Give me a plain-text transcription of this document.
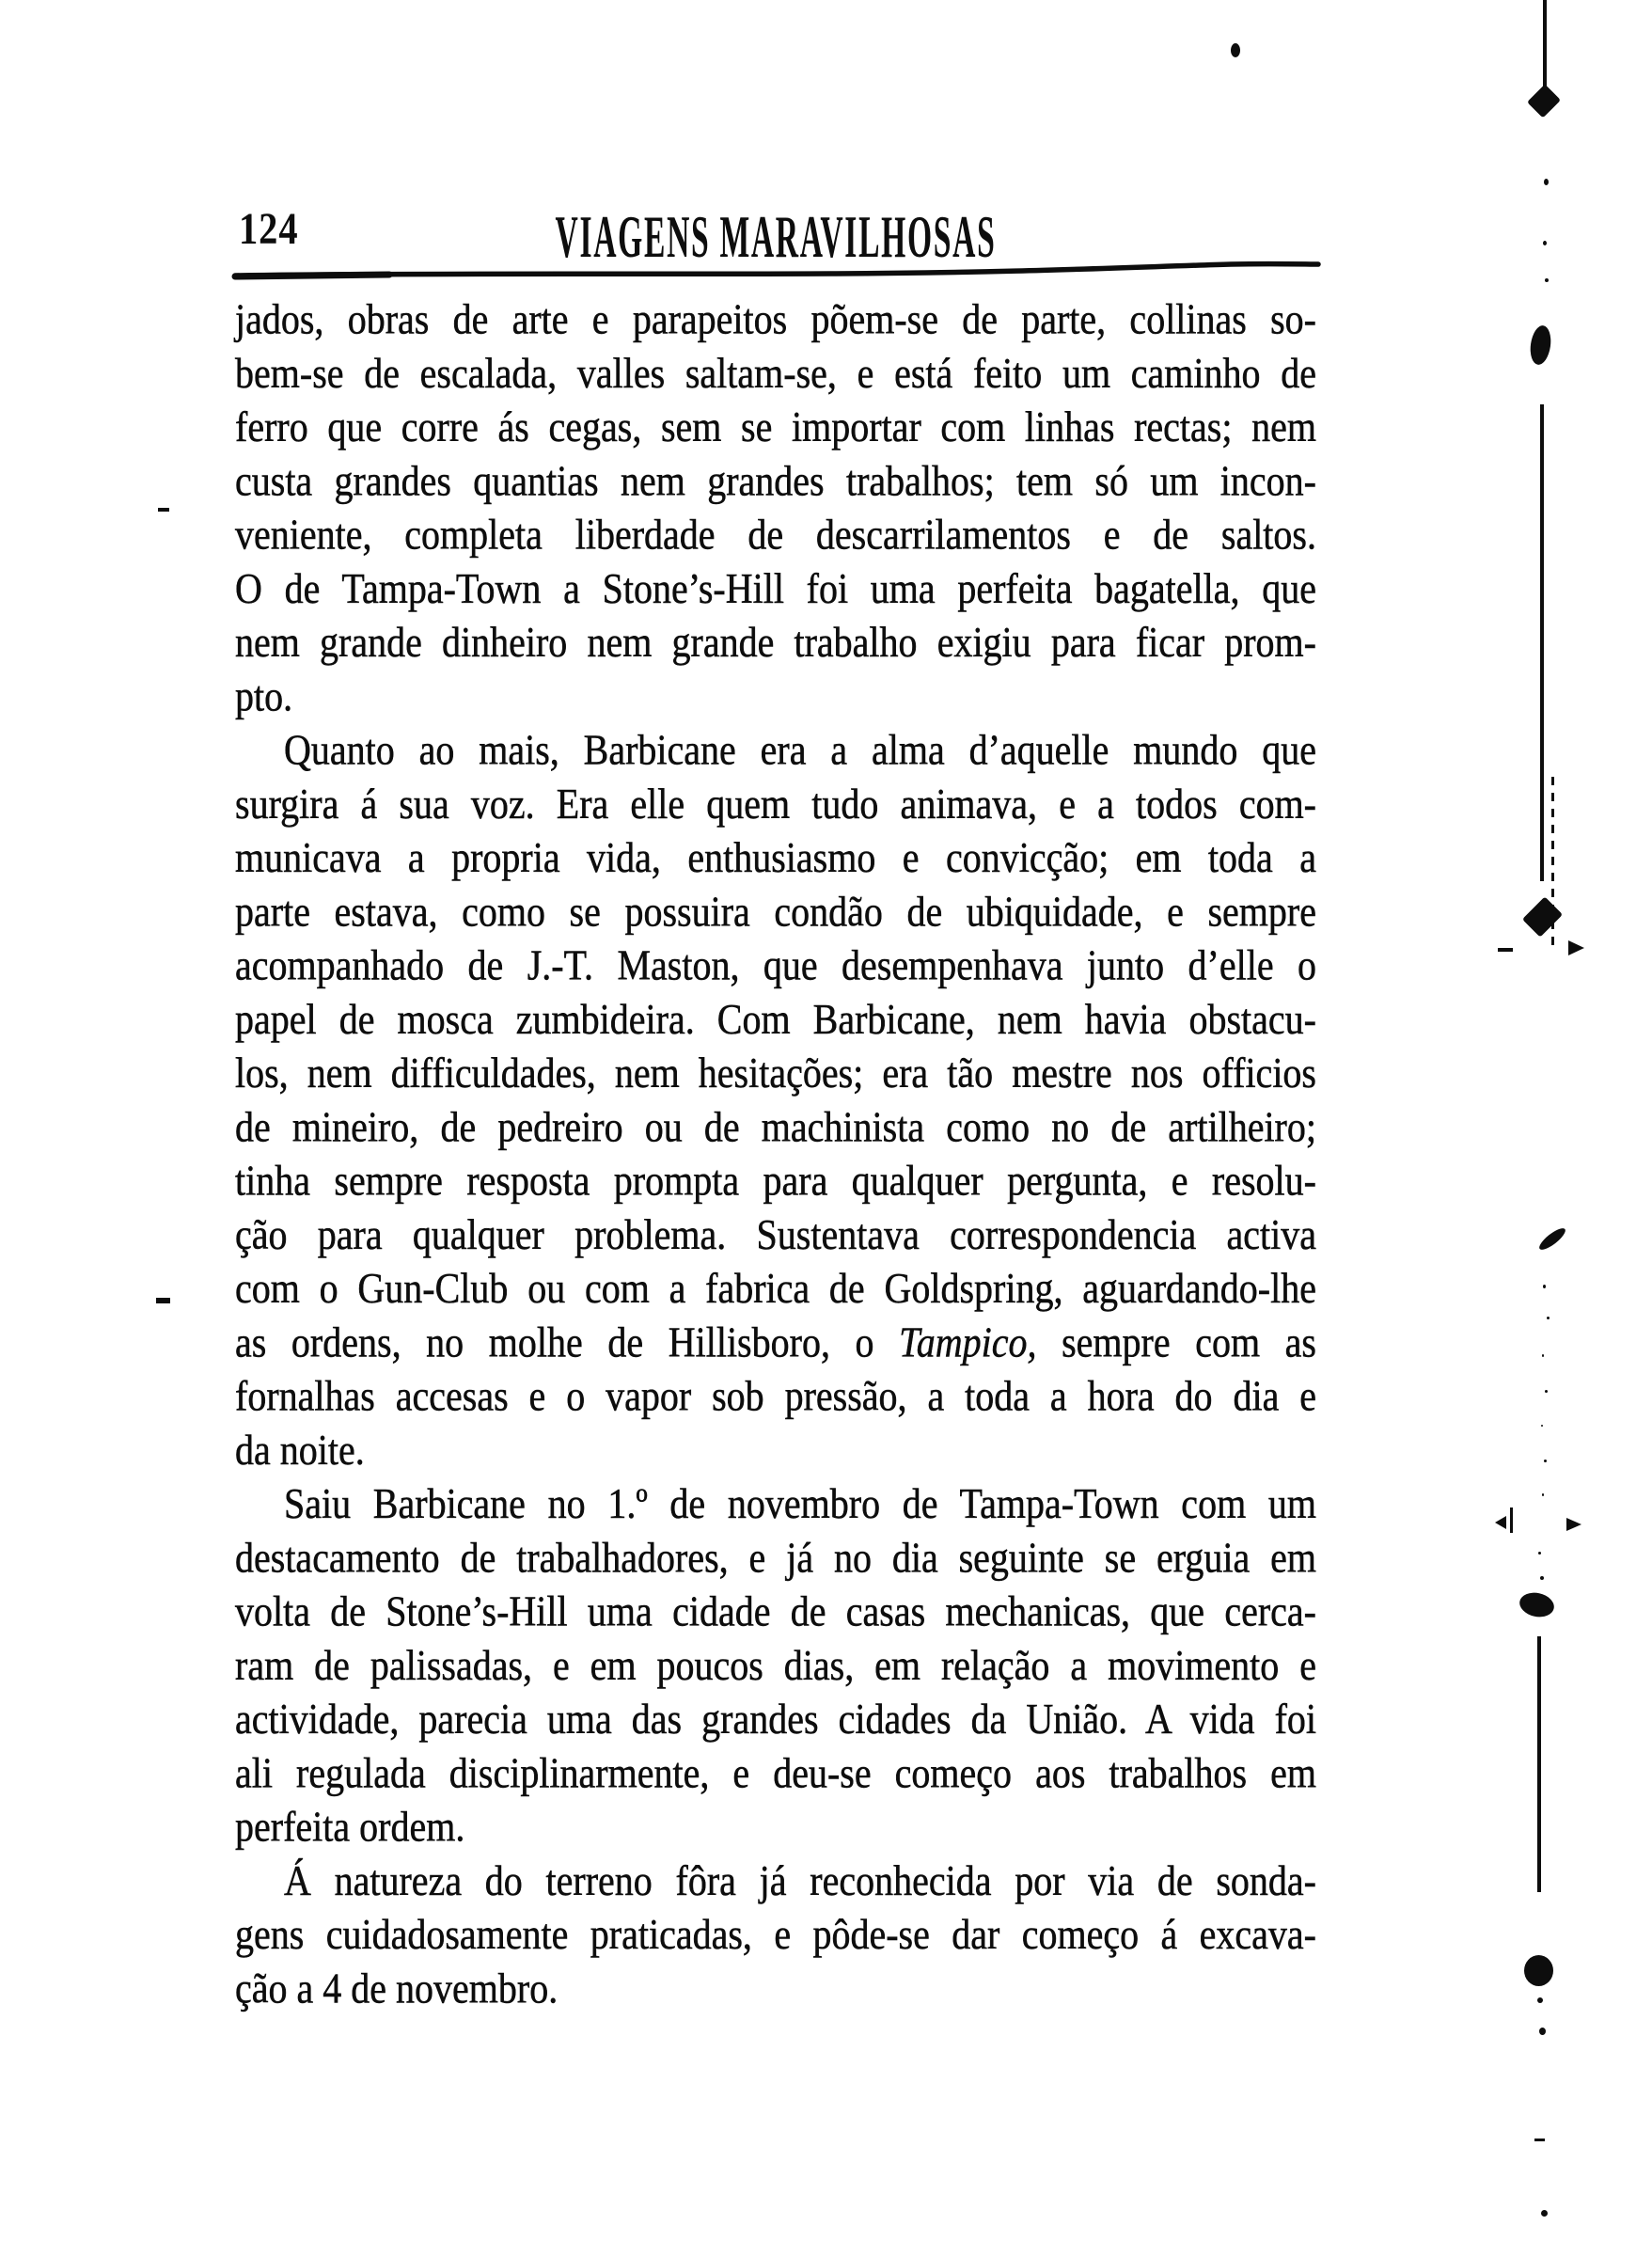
124	VIAGENS MARAVILHOSAS
jados, obras de arte e parapeitos põem-se de parte, collinas so-
bem-se de escalada, valles saltam-se, e está feito um caminho de
ferro que corre ás cegas, sem se importar com linhas rectas; nem
custa grandes quantias nem grandes trabalhos; tem só um incon-
veniente, completa liberdade de descarrilamentos e de saltos.
O de Tampa-Town a Stone’s-Hill foi uma perfeita bagatella, que
nem grande dinheiro nem grande trabalho exigiu para ficar prom-
pto.
Quanto ao mais, Barbicane era a alma d’aquelle mundo que
surgira á sua voz. Era elle quem tudo animava, e a todos com-
municava a propria vida, enthusiasmo e convicção; em toda a
parte estava, como se possuira condão de ubiquidade, e sempre
acompanhado de J.-T. Maston, que desempenhava junto d’elle o
papel de mosca zumbideira. Com Barbicane, nem havia obstacu-
los, nem difficuldades, nem hesitações; era tão mestre nos officios
de mineiro, de pedreiro ou de machinista como no de artilheiro;
tinha sempre resposta prompta para qualquer pergunta, e resolu-
ção para qualquer problema. Sustentava correspondencia activa
com o Gun-Club ou com a fabrica de Goldspring, aguardando-lhe
as ordens, no molhe de Hillisboro, o Tampico, sempre com as
fornalhas accesas e o vapor sob pressão, a toda a hora do dia e
da noite.
Saiu Barbicane no 1.º de novembro de Tampa-Town com um
destacamento de trabalhadores, e já no dia seguinte se erguia em
volta de Stone’s-Hill uma cidade de casas mechanicas, que cerca-
ram de palissadas, e em poucos dias, em relação a movimento e
actividade, parecia uma das grandes cidades da União. A vida foi
ali regulada disciplinarmente, e deu-se começo aos trabalhos em
perfeita ordem.
Á natureza do terreno fôra já reconhecida por via de sonda-
gens cuidadosamente praticadas, e pôde-se dar começo á excava-
ção a 4 de novembro.
